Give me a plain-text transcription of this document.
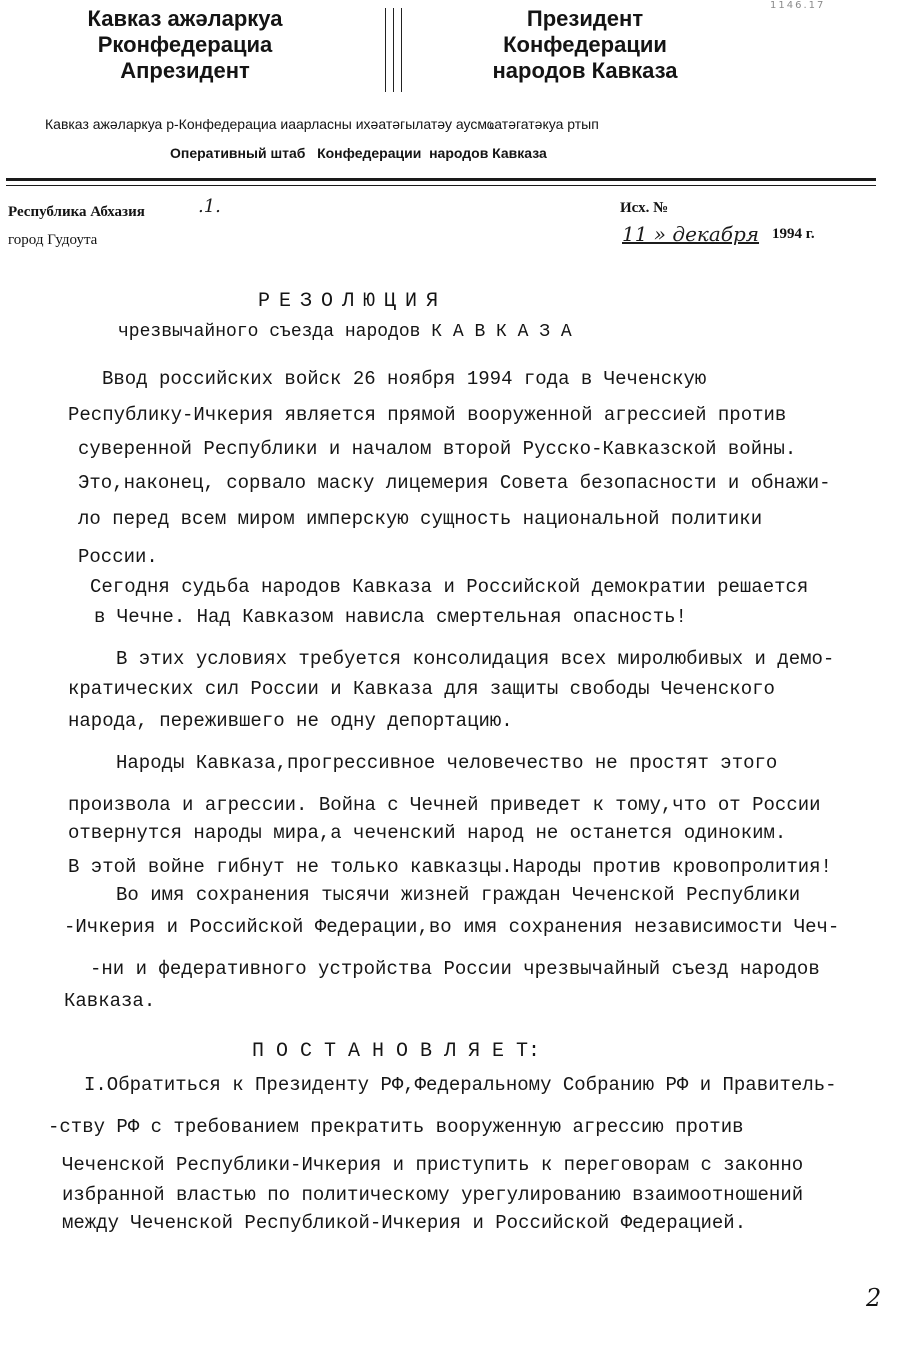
1146.17
Кавказ ажәларкуа
Рконфедерациа
Апрезидент
Президент
Конфедерации
народов Кавказа
Кавказ ажәларкуа р-Конфедерациа иаарласны ихәатәгылатәу аусмҩатәгатәкуа ртып
Оперативный штаб   Конфедерации  народов Кавказа
Республика Абхазия	.1.
город Гудоута
Исх. №
11 » декабря 1994 г.
РЕЗОЛЮЦИЯ
чрезвычайного съезда народов К А В К А З А
Ввод российских войск 26 ноября 1994 года в Чеченскую
Республику-Ичкерия является прямой вооруженной агрессией против
суверенной Республики и началом второй Русско-Кавказской войны.
Это,наконец, сорвало маску лицемерия Совета безопасности и обнажи-
ло перед всем миром имперскую сущность национальной политики
России.
Сегодня судьба народов Кавказа и Российской демократии решается
в Чечне. Над Кавказом нависла смертельная опасность!
В этих условиях требуется консолидация всех миролюбивых и демо-
кратических сил России и Кавказа для защиты свободы Чеченского
народа, пережившего не одну депортацию.
Народы Кавказа,прогрессивное человечество не простят этого
произвола и агрессии. Война с Чечней приведет к тому,что от России
отвернутся народы мира,а чеченский народ не останется одиноким.
В этой войне гибнут не только кавказцы.Народы против кровопролития!
Во имя сохранения тысячи жизней граждан Чеченской Республики
-Ичкерия и Российской Федерации,во имя сохранения независимости Чеч-
-ни и федеративного устройства России чрезвычайный съезд народов
Кавказа.
П О С Т А Н О В Л Я Е Т:
I.Обратиться к Президенту РФ,Федеральному Собранию РФ и Правитель-
-ству РФ с требованием прекратить вооруженную агрессию против
Чеченской Республики-Ичкерия и приступить к переговорам с законно
избранной властью по политическому урегулированию взаимоотношений
между Чеченской Республикой-Ичкерия и Российской Федерацией.
2
